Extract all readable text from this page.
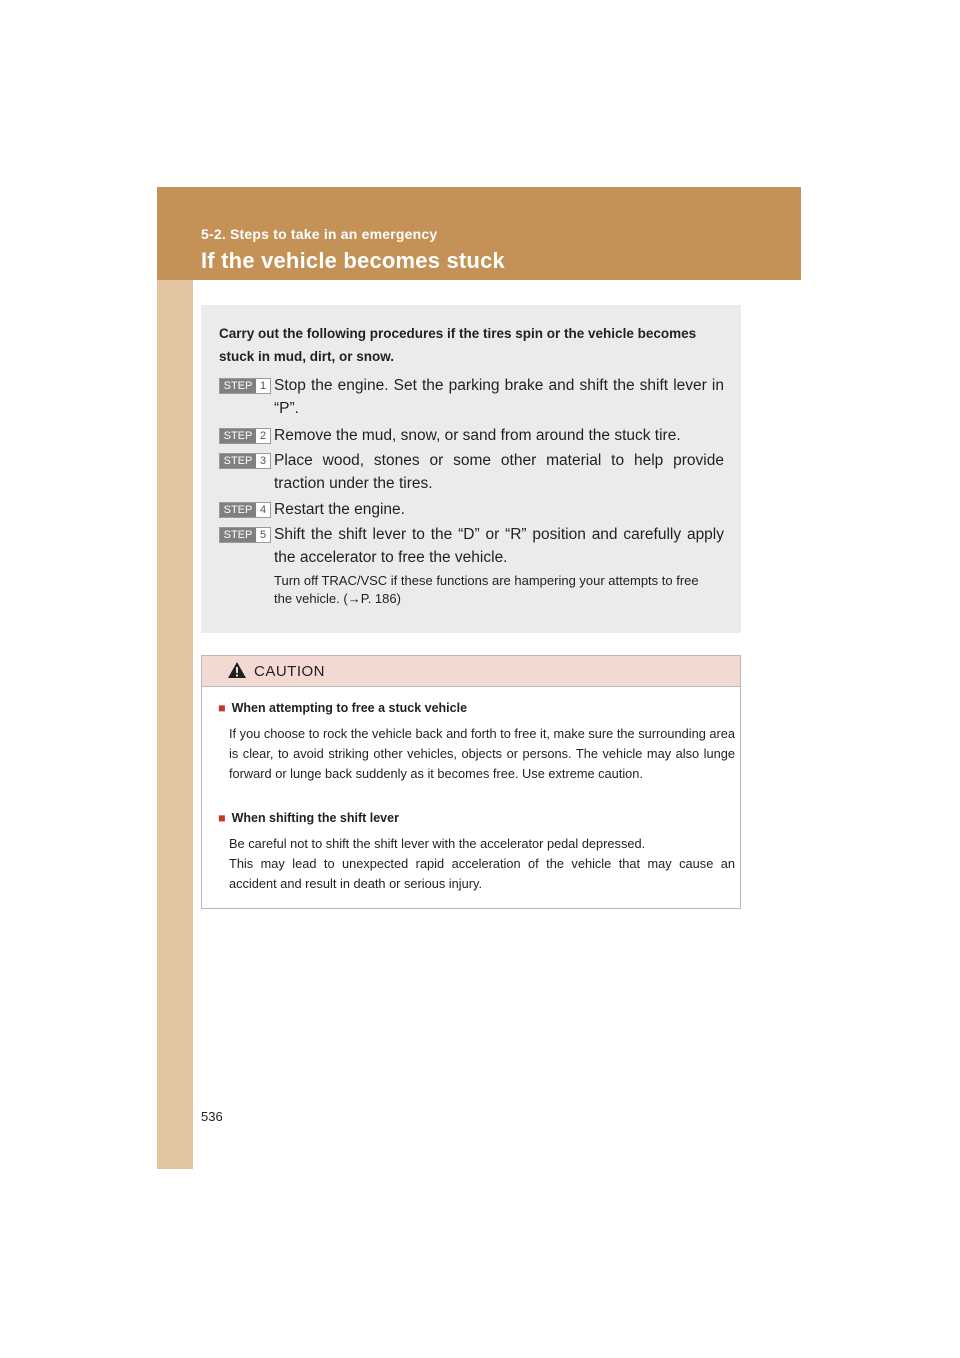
5-2. Steps to take in an emergency
If the vehicle becomes stuck
Carry out the following procedures if the tires spin or the vehicle becomes stuck in mud, dirt, or snow.
STEP 1 Stop the engine. Set the parking brake and shift the shift lever in “P”.
STEP 2 Remove the mud, snow, or sand from around the stuck tire.
STEP 3 Place wood, stones or some other material to help provide traction under the tires.
STEP 4 Restart the engine.
STEP 5 Shift the shift lever to the “D” or “R” position and carefully apply the accelerator to free the vehicle.
Turn off TRAC/VSC if these functions are hampering your attempts to free the vehicle. (→P. 186)
CAUTION
■ When attempting to free a stuck vehicle

If you choose to rock the vehicle back and forth to free it, make sure the surrounding area is clear, to avoid striking other vehicles, objects or persons. The vehicle may also lunge forward or lunge back suddenly as it becomes free. Use extreme caution.

■ When shifting the shift lever

Be careful not to shift the shift lever with the accelerator pedal depressed.

This may lead to unexpected rapid acceleration of the vehicle that may cause an accident and result in death or serious injury.

536
